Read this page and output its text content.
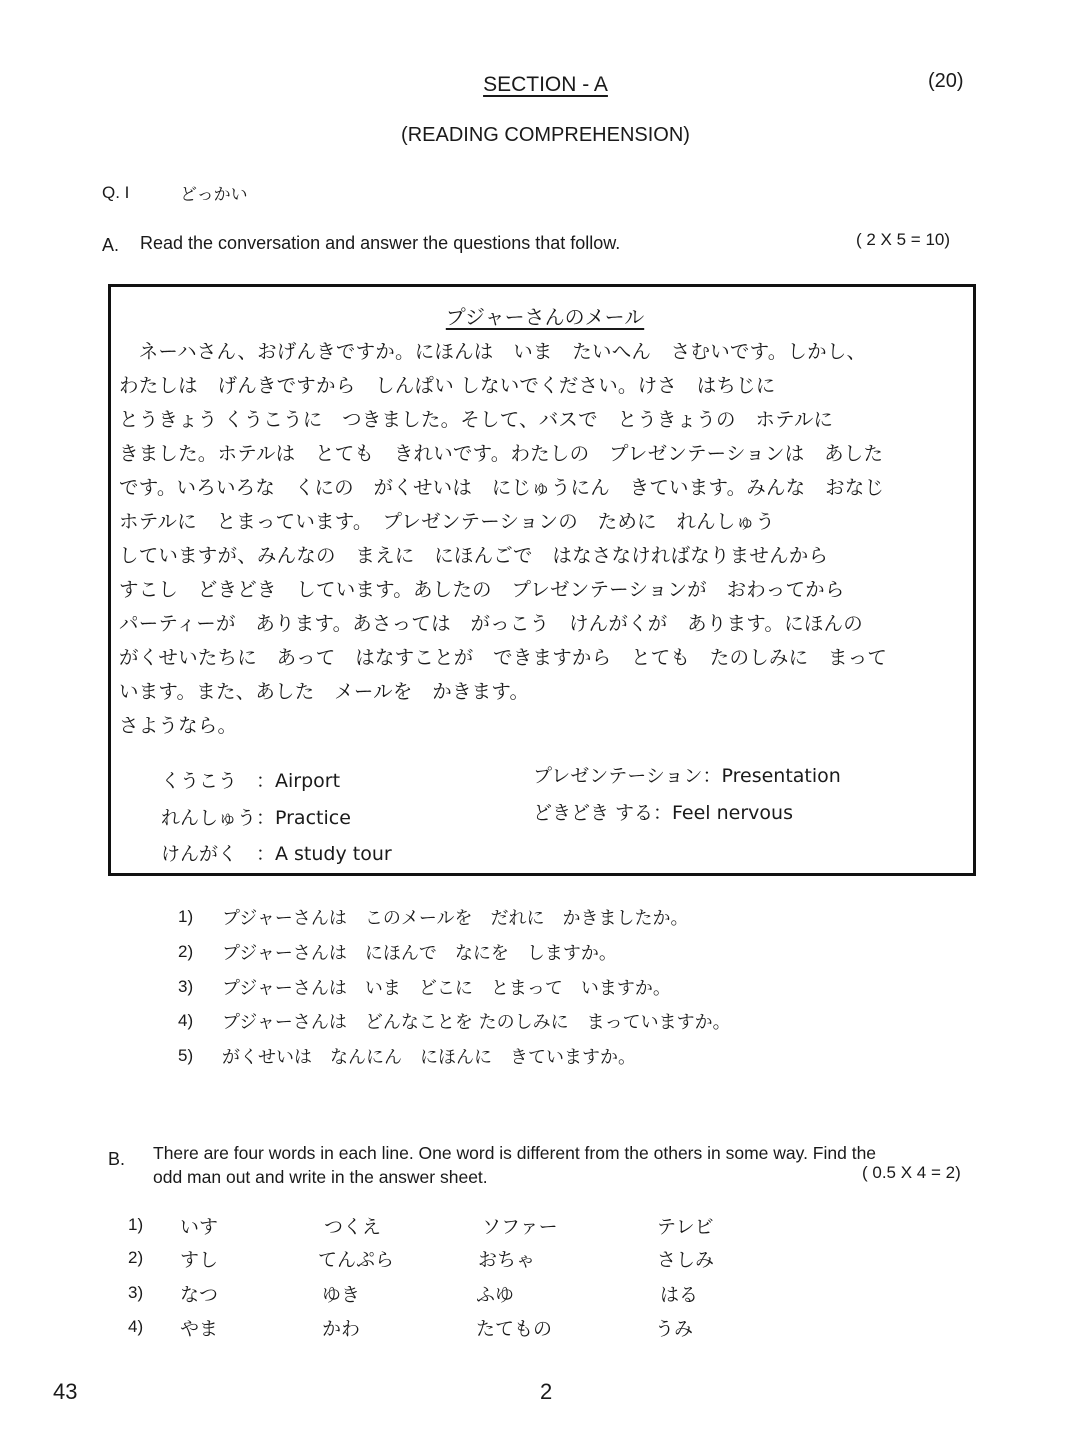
SECTION - A	(20)
(READING COMPREHENSION)
Q. I	どっかい
A. Read the conversation and answer the questions that follow.	( 2 X 5 = 10)
プジャーさんのメール
　ネーハさん、おげんきですか。にほんは　いま　たいへん　さむいです。しかし、
わたしは　げんきですから　しんぱい しないでください。けさ　はちじに
とうきょう くうこうに　つきました。そして、バスで　とうきょうの　ホテルに
きました。ホテルは　とても　きれいです。わたしの　プレゼンテーションは　あした
です。いろいろな　くにの　がくせいは　にじゅうにん　きています。みんな　おなじ
ホテルに　とまっています。　プレゼンテーションの　ために　れんしゅう
していますが、みんなの　まえに　にほんごで　はなさなければなりませんから
すこし　どきどき　しています。あしたの　プレゼンテーションが　おわってから
パーティーが　あります。あさっては　がっこう　けんがくが　あります。にほんの
がくせいたちに　あって　はなすことが　できますから　とても　たのしみに　まって
います。また、あした　メールを　かきます。
さようなら。
くうこう　：Airport	プレゼンテーション：Presentation
れんしゅう：Practice	どきどき する：Feel nervous
けんがく　：A study tour
1) プジャーさんは　このメールを　だれに　かきましたか。
2) プジャーさんは　にほんで　なにを　しますか。
3) プジャーさんは　いま　どこに　とまって　いますか。
4) プジャーさんは　どんなことを たのしみに　まっていますか。
5) がくせいは　なんにん　にほんに　きていますか。
B. There are four words in each line. One word is different from the others in some way. Find the
odd man out and write in the answer sheet.	( 0.5 X 4 = 2)
1) いす	つくえ	ソファー	テレビ
2) すし	てんぷら	おちゃ	さしみ
3) なつ	ゆき	ふゆ	はる
4) やま	かわ	たてもの	うみ
43	2
